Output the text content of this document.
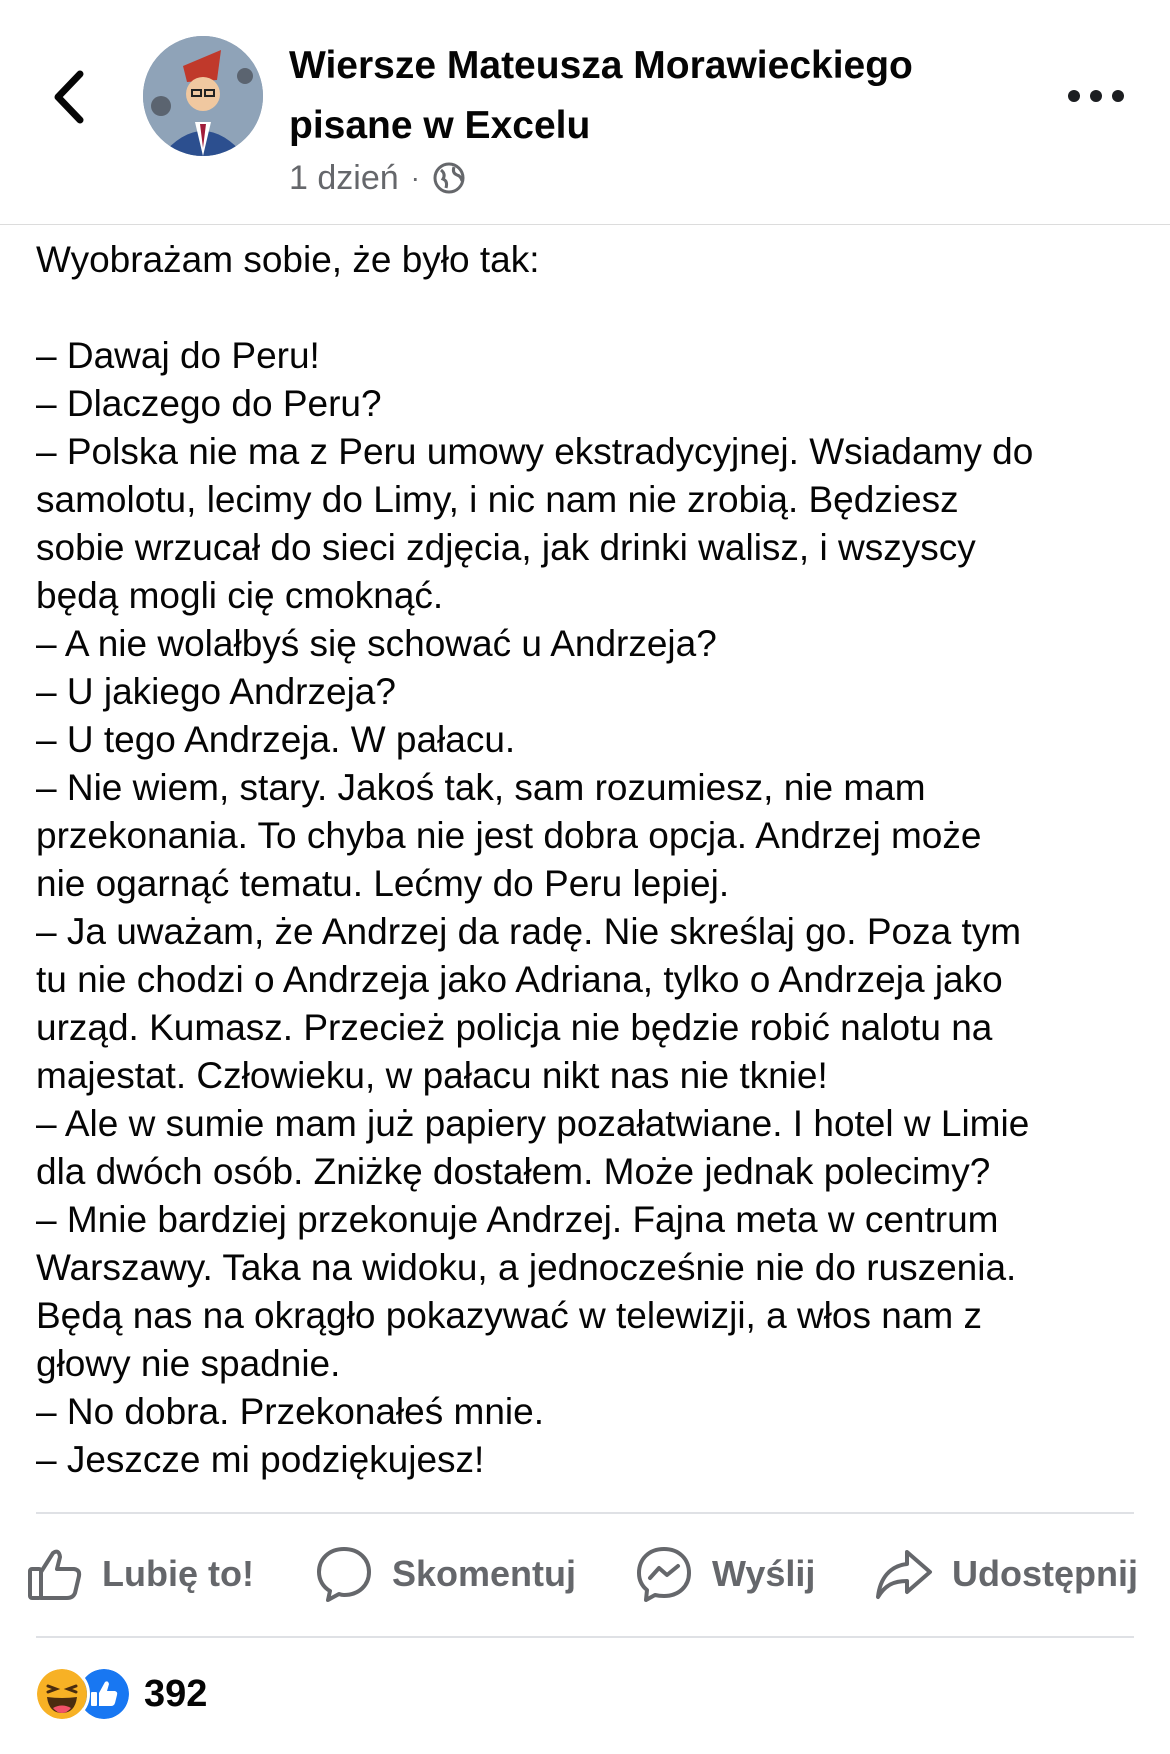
Wiersze Mateusza Morawieckiego pisane w Excelu
1 dzień ·

Wyobrażam sobie, że było tak:

– Dawaj do Peru!

– Dlaczego do Peru?

– Polska nie ma z Peru umowy ekstradycyjnej. Wsiadamy do

samolotu, lecimy do Limy, i nic nam nie zrobią. Będziesz

sobie wrzucał do sieci zdjęcia, jak drinki walisz, i wszyscy

będą mogli cię cmoknąć.

– A nie wolałbyś się schować u Andrzeja?

– U jakiego Andrzeja?

– U tego Andrzeja. W pałacu.

– Nie wiem, stary. Jakoś tak, sam rozumiesz, nie mam

przekonania. To chyba nie jest dobra opcja. Andrzej może

nie ogarnąć tematu. Lećmy do Peru lepiej.

– Ja uważam, że Andrzej da radę. Nie skreślaj go. Poza tym

tu nie chodzi o Andrzeja jako Adriana, tylko o Andrzeja jako

urząd. Kumasz. Przecież policja nie będzie robić nalotu na

majestat. Człowieku, w pałacu nikt nas nie tknie!

– Ale w sumie mam już papiery pozałatwiane. I hotel w Limie

dla dwóch osób. Zniżkę dostałem. Może jednak polecimy?

– Mnie bardziej przekonuje Andrzej. Fajna meta w centrum

Warszawy. Taka na widoku, a jednocześnie nie do ruszenia.

Będą nas na okrągło pokazywać w telewizji, a włos nam z

głowy nie spadnie.

– No dobra. Przekonałeś mnie.

– Jeszcze mi podziękujesz!

Lubię to!	Skomentuj	Wyślij	Udostępnij
392
